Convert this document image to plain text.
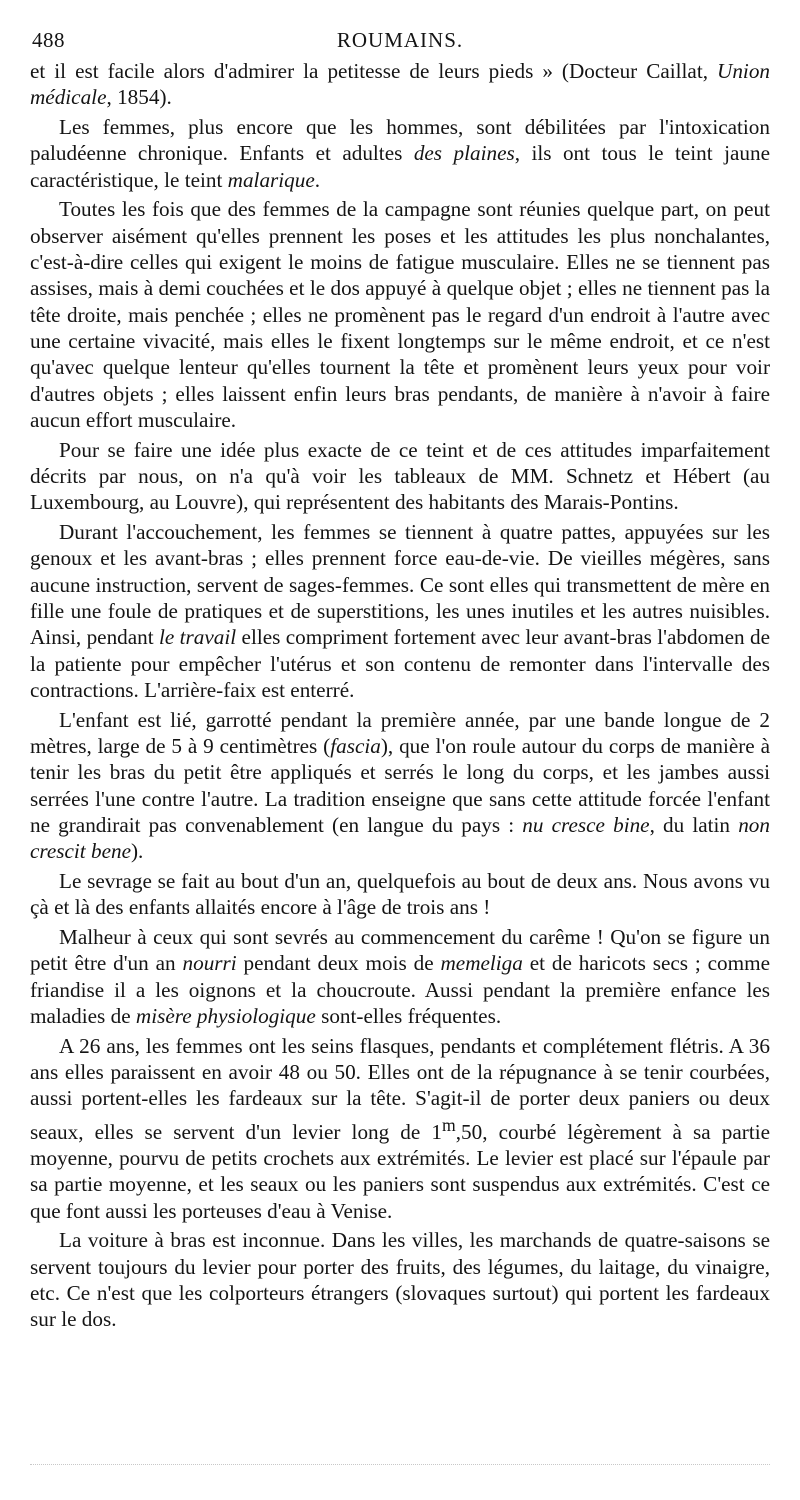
488	ROUMAINS.

et il est facile alors d'admirer la petitesse de leurs pieds » (Docteur Caillat, Union médicale, 1854).

Les femmes, plus encore que les hommes, sont débilitées par l'intoxication paludéenne chronique. Enfants et adultes des plaines, ils ont tous le teint jaune caractéristique, le teint malarique.

Toutes les fois que des femmes de la campagne sont réunies quelque part, on peut observer aisément qu'elles prennent les poses et les attitudes les plus nonchalantes, c'est-à-dire celles qui exigent le moins de fatigue musculaire. Elles ne se tiennent pas assises, mais à demi couchées et le dos appuyé à quelque objet ; elles ne tiennent pas la tête droite, mais penchée ; elles ne promènent pas le regard d'un endroit à l'autre avec une certaine vivacité, mais elles le fixent longtemps sur le même endroit, et ce n'est qu'avec quelque lenteur qu'elles tournent la tête et promènent leurs yeux pour voir d'autres objets ; elles laissent enfin leurs bras pendants, de manière à n'avoir à faire aucun effort musculaire.

Pour se faire une idée plus exacte de ce teint et de ces attitudes imparfaitement décrits par nous, on n'a qu'à voir les tableaux de MM. Schnetz et Hébert (au Luxembourg, au Louvre), qui représentent des habitants des Marais-Pontins.

Durant l'accouchement, les femmes se tiennent à quatre pattes, appuyées sur les genoux et les avant-bras ; elles prennent force eau-de-vie. De vieilles mégères, sans aucune instruction, servent de sages-femmes. Ce sont elles qui transmettent de mère en fille une foule de pratiques et de superstitions, les unes inutiles et les autres nuisibles. Ainsi, pendant le travail elles compriment fortement avec leur avant-bras l'abdomen de la patiente pour empêcher l'utérus et son contenu de remonter dans l'intervalle des contractions. L'arrière-faix est enterré.

L'enfant est lié, garrotté pendant la première année, par une bande longue de 2 mètres, large de 5 à 9 centimètres (fascia), que l'on roule autour du corps de manière à tenir les bras du petit être appliqués et serrés le long du corps, et les jambes aussi serrées l'une contre l'autre. La tradition enseigne que sans cette attitude forcée l'enfant ne grandirait pas convenablement (en langue du pays : nu cresce bine, du latin non crescit bene).

Le sevrage se fait au bout d'un an, quelquefois au bout de deux ans. Nous avons vu çà et là des enfants allaités encore à l'âge de trois ans !

Malheur à ceux qui sont sevrés au commencement du carême ! Qu'on se figure un petit être d'un an nourri pendant deux mois de memeliga et de haricots secs ; comme friandise il a les oignons et la choucroute. Aussi pendant la première enfance les maladies de misère physiologique sont-elles fréquentes.

A 26 ans, les femmes ont les seins flasques, pendants et complétement flétris. A 36 ans elles paraissent en avoir 48 ou 50. Elles ont de la répugnance à se tenir courbées, aussi portent-elles les fardeaux sur la tête. S'agit-il de porter deux paniers ou deux seaux, elles se servent d'un levier long de 1$^m$,50, courbé légèrement à sa partie moyenne, pourvu de petits crochets aux extrémités. Le levier est placé sur l'épaule par sa partie moyenne, et les seaux ou les paniers sont suspendus aux extrémités. C'est ce que font aussi les porteuses d'eau à Venise.

La voiture à bras est inconnue. Dans les villes, les marchands de quatre-saisons se servent toujours du levier pour porter des fruits, des légumes, du laitage, du vinaigre, etc. Ce n'est que les colporteurs étrangers (slovaques surtout) qui portent les fardeaux sur le dos.
